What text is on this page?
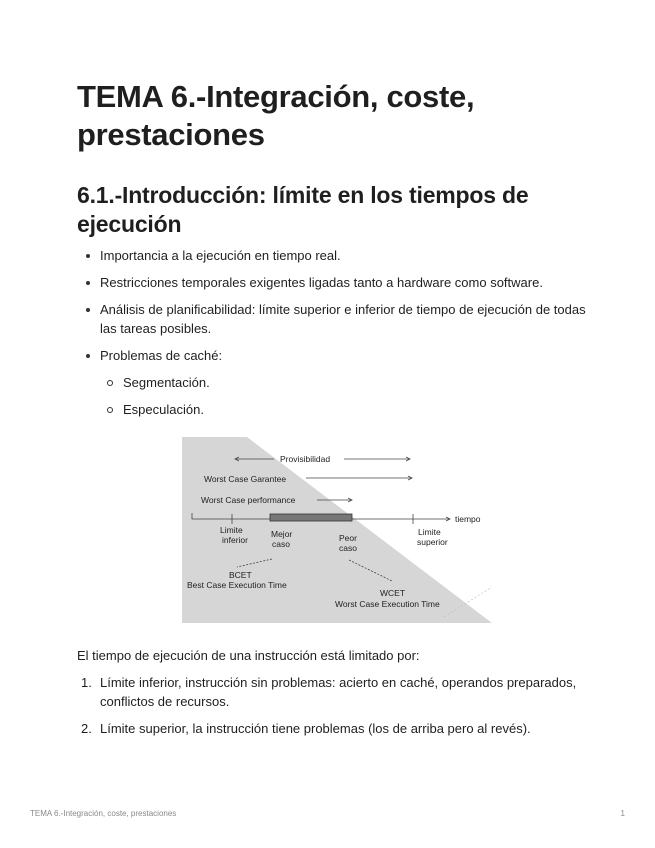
TEMA 6.-Integración, coste, prestaciones
6.1.-Introducción: límite en los tiempos de ejecución
Importancia a la ejecución en tiempo real.
Restricciones temporales exigentes ligadas tanto a hardware como software.
Análisis de planificabilidad: límite superior e inferior de tiempo de ejecución de todas las tareas posibles.
Problemas de caché:
Segmentación.
Especulación.
Provisibilidad
Worst Case Garantee
Worst Case performance
tiempo
Limite
inferior
Mejor
caso
Peor
caso
Limite
superior
BCET
Best Case Execution Time
WCET
Worst Case Execution Time

El tiempo de ejecución de una instrucción está limitado por:

1. Límite inferior, instrucción sin problemas: acierto en caché, operandos preparados, conflictos de recursos.
2. Límite superior, la instrucción tiene problemas (los de arriba pero al revés).
TEMA 6.-Integración, coste, prestaciones	1
